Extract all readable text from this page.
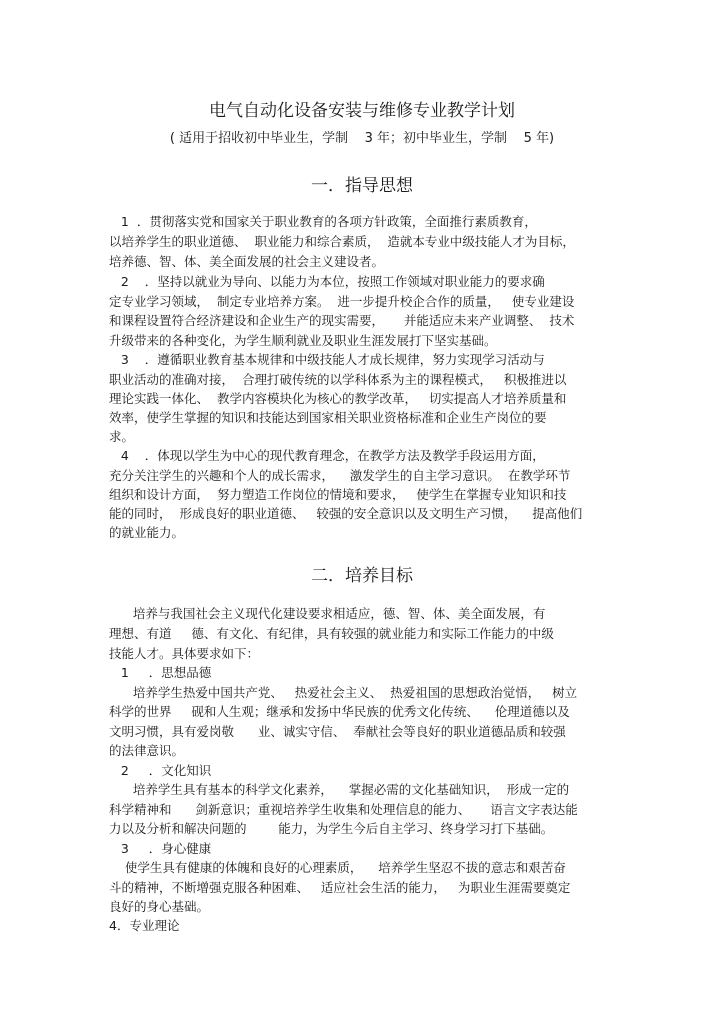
电气自动化设备安装与维修专业教学计划
( 适用于招收初中毕业生，学制    3 年；初中毕业生，学制    5 年)
一．指导思想
1  ．贯彻落实党和国家关于职业教育的各项方针政策，全面推行素质教育，
以培养学生的职业道德、  职业能力和综合素质，  造就本专业中级技能人才为目标，
培养德、智、体、美全面发展的社会主义建设者。
2    ．坚持以就业为导向、以能力为本位，按照工作领域对职业能力的要求确
定专业学习领域，  制定专业培养方案。  进一步提升校企合作的质量，   使专业建设
和课程设置符合经济建设和企业生产的现实需要，     并能适应未来产业调整、  技术
升级带来的各种变化，为学生顺利就业及职业生涯发展打下坚实基础。
3    ．遵循职业教育基本规律和中级技能人才成长规律，努力实现学习活动与
职业活动的准确对接，  合理打破传统的以学科体系为主的课程模式，   积极推进以
理论实践一体化、  教学内容模块化为核心的教学改革，   切实提高人才培养质量和
效率，使学生掌握的知识和技能达到国家相关职业资格标准和企业生产岗位的要
求。
4    ．体现以学生为中心的现代教育理念，在教学方法及教学手段运用方面，
充分关注学生的兴趣和个人的成长需求，    激发学生的自主学习意识。  在教学环节
组织和设计方面，  努力塑造工作岗位的情境和要求，   使学生在掌握专业知识和技
能的同时，  形成良好的职业道德、   较强的安全意识以及文明生产习惯，    提高他们
的就业能力。
二．培养目标
培养与我国社会主义现代化建设要求相适应，德、智、体、美全面发展，有
理想、有道     德、有文化、有纪律，具有较强的就业能力和实际工作能力的中级
技能人才。具体要求如下：
1     ．思想品德
培养学生热爱中国共产党、   热爱社会主义、  热爱祖国的思想政治觉悟，   树立
科学的世界     砚和人生观；继承和发扬中华民族的优秀文化传统、    伦理道德以及
文明习惯，具有爱岗敬      业、诚实守信、  奉献社会等良好的职业道德品质和较强
的法律意识。
2     ．文化知识
培养学生具有基本的科学文化素养，    掌握必需的文化基础知识，  形成一定的
科学精神和      剑新意识；重视培养学生收集和处理信息的能力、     语言文字表达能
力以及分析和解决问题的        能力，为学生今后自主学习、终身学习打下基础。
3     ．身心健康
使学生具有健康的体魄和良好的心理素质，    培养学生坚忍不拔的意志和艰苦奋
斗的精神，不断增强克服各种困难、   适应社会生活的能力，   为职业生涯需要奠定
良好的身心基础。
4．专业理论
